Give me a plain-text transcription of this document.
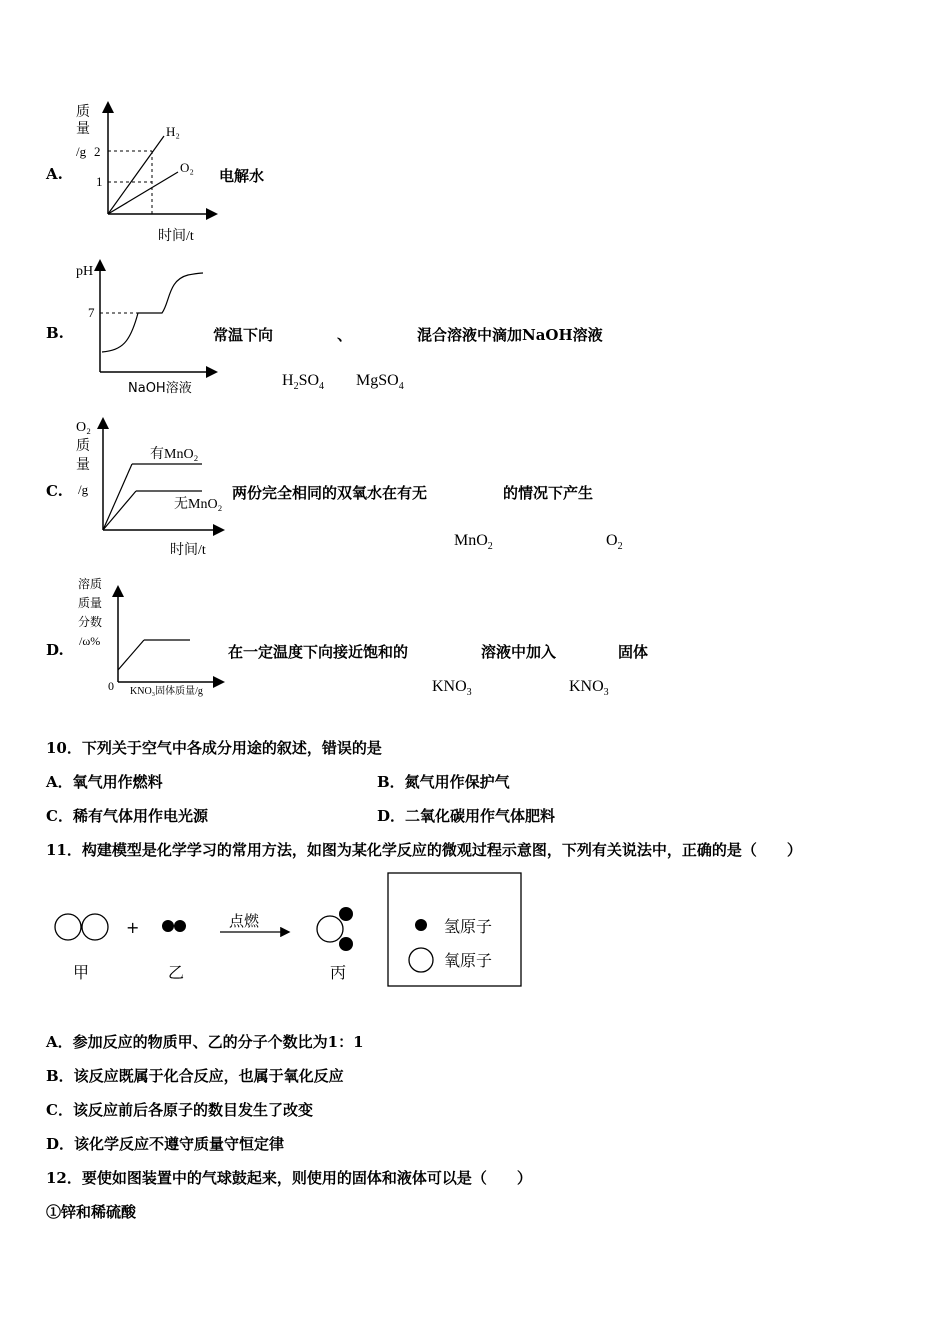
A.
质
量
/g 2
1
H₂
O₂
时间/t
电解水
B.
pH
7
NaOH溶液
常温下向	、	混合溶液中滴加NaOH溶液
$H_2SO_4$ MgSO$_4$
C.
O₂
质
量
/g
有MnO₂
无MnO₂
时间/t
两份完全相同的双氧水在有无	的情况下产生
MnO$_2$	$O_2$
D.
溶质
质量
分数
/ω%
0 KNO₃固体质量/g
在一定温度下向接近饱和的	溶液中加入	固体
$KNO_3$	$KNO_3$
10．下列关于空气中各成分用途的叙述，错误的是
A．氧气用作燃料	B．氮气用作保护气
C．稀有气体用作电光源	D．二氧化碳用作气体肥料
11．构建模型是化学学习的常用方法，如图为某化学反应的微观过程示意图，下列有关说法中，正确的是（　　）
+	点燃
甲	乙	丙
氢原子
氧原子
A．参加反应的物质甲、乙的分子个数比为1：1
B．该反应既属于化合反应，也属于氧化反应
C．该反应前后各原子的数目发生了改变
D．该化学反应不遵守质量守恒定律
12．要使如图装置中的气球鼓起来，则使用的固体和液体可以是（　　）
①锌和稀硫酸
